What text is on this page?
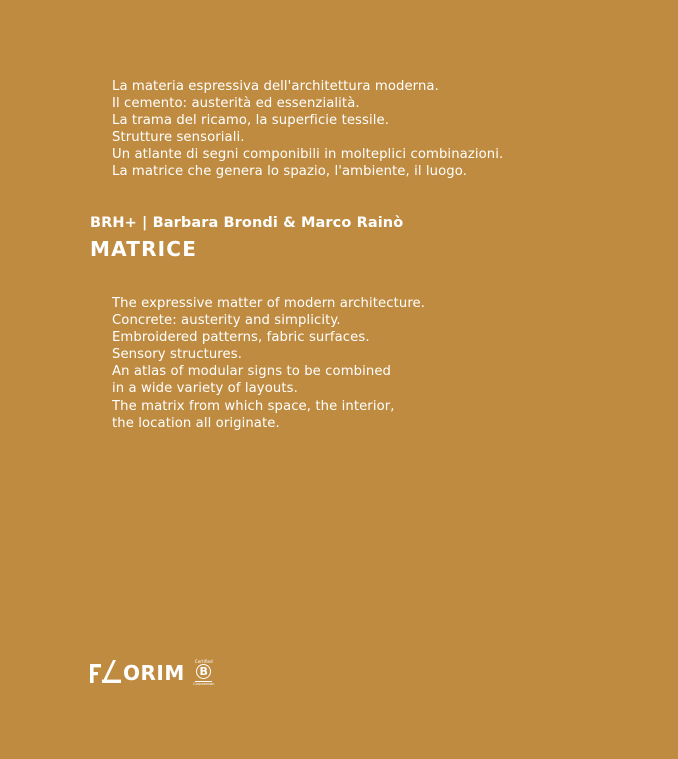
La materia espressiva dell'architettura moderna.
Il cemento: austerità ed essenzialità.
La trama del ricamo, la superficie tessile.
Strutture sensoriali.
Un atlante di segni componibili in molteplici combinazioni.
La matrice che genera lo spazio, l'ambiente, il luogo.
BRH+ | Barbara Brondi & Marco Rainò
MATRICE
The expressive matter of modern architecture.
Concrete: austerity and simplicity.
Embroidered patterns, fabric surfaces.
Sensory structures.
An atlas of modular signs to be combined
in a wide variety of layouts.
The matrix from which space, the interior,
the location all originate.
ORIM Certified
B
Corporation
